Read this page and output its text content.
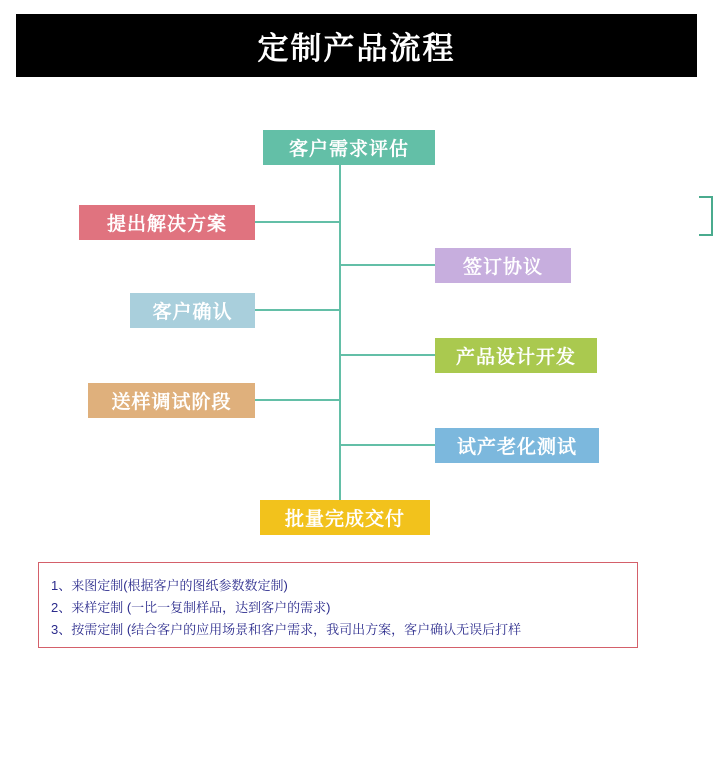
定制产品流程
客户需求评估
提出解决方案
签订协议
客户确认
产品设计开发
送样调试阶段
试产老化测试
批量完成交付
1、来图定制(根据客户的图纸参数数定制)
2、来样定制 (一比一复制样品，达到客户的需求)
3、按需定制 (结合客户的应用场景和客户需求，我司出方案，客户确认无误后打样
